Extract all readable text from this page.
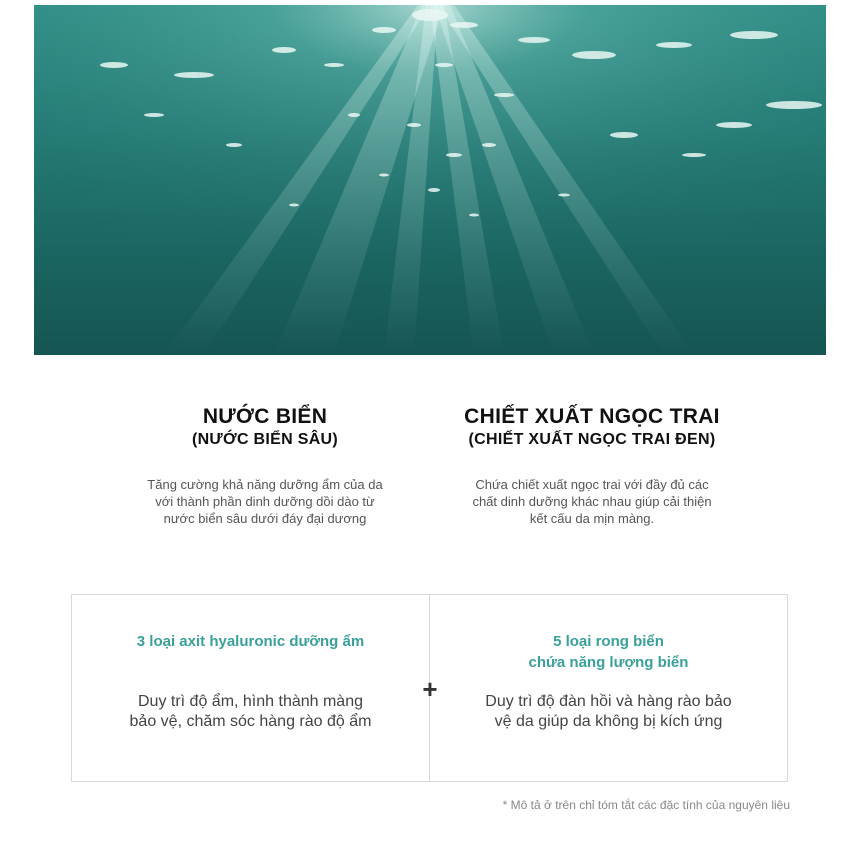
NƯỚC BIỂN
(NƯỚC BIỂN SÂU)
Tăng cường khả năng dưỡng ẩm của da
với thành phần dinh dưỡng dồi dào từ
nước biển sâu dưới đáy đại dương
CHIẾT XUẤT NGỌC TRAI
(CHIẾT XUẤT NGỌC TRAI ĐEN)
Chứa chiết xuất ngọc trai với đầy đủ các
chất dinh dưỡng khác nhau giúp cải thiện
kết cấu da mịn màng.
3 loại axit hyaluronic dưỡng ẩm
Duy trì độ ẩm, hình thành màng
bảo vệ, chăm sóc hàng rào độ ẩm
5 loại rong biển
chứa năng lượng biển
Duy trì độ đàn hồi và hàng rào bảo
vệ da giúp da không bị kích ứng
+
* Mô tả ở trên chỉ tóm tắt các đặc tính của nguyên liệu
